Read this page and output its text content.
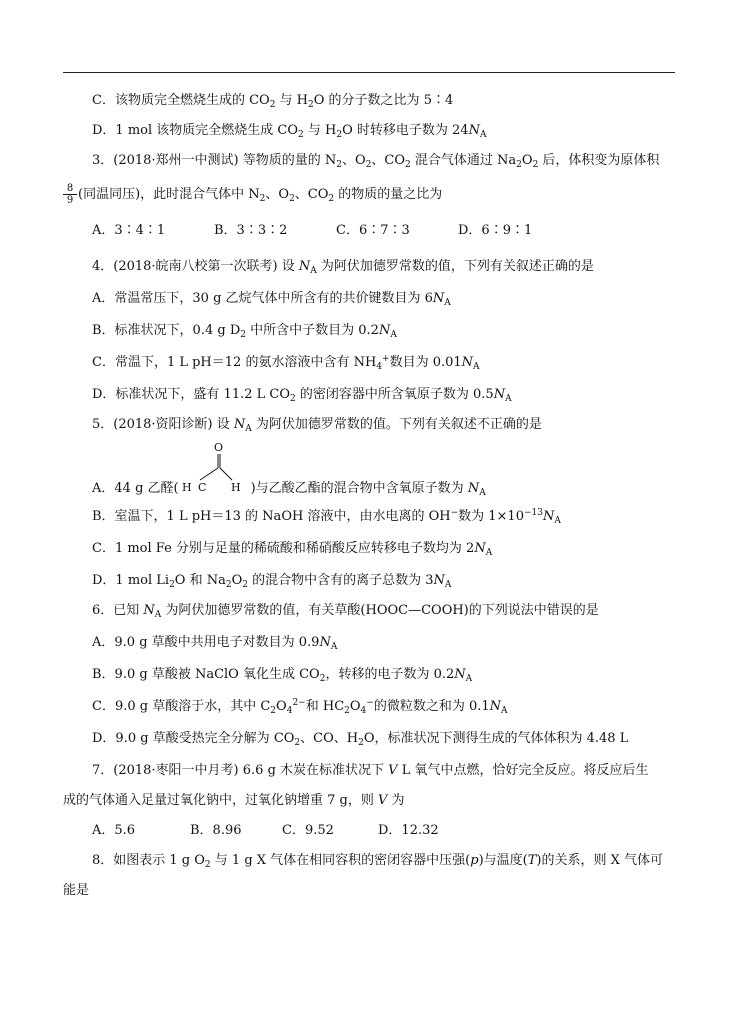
C．该物质完全燃烧生成的 $CO_2$ 与 $H_2O$ 的分子数之比为 5∶4
D．1 mol 该物质完全燃烧生成 $CO_2$ 与 $H_2O$ 时转移电子数为 $24N_A$
3．(2018·郑州一中测试) 等物质的量的 $N_2$、$O_2$、$CO_2$ 混合气体通过 $Na_2O_2$ 后，体积变为原体积
$\frac{8}{9}$ (同温同压)，此时混合气体中 $N_2$、$O_2$、$CO_2$ 的物质的量之比为
A．3∶4∶1	B．3∶3∶2	C．6∶7∶3	D．6∶9∶1
4．(2018·皖南八校第一次联考) 设 $N_A$ 为阿伏加德罗常数的值，下列有关叙述正确的是
A．常温常压下，30 g 乙烷气体中所含有的共价键数目为 $6N_A$
B．标准状况下，0.4 g $D_2$ 中所含中子数目为 $0.2N_A$
C．常温下，1 L pH＝12 的氨水溶液中含有 $NH_4^+$数目为 $0.01N_A$
D．标准状况下，盛有 11.2 L $CO_2$ 的密闭容器中所含氧原子数为 $0.5N_A$
5．(2018·资阳诊断) 设 $N_A$ 为阿伏加德罗常数的值。下列有关叙述不正确的是
O
H C H
A．44 g 乙醛(	)与乙酸乙酯的混合物中含氧原子数为 $N_A$
B．室温下，1 L pH＝13 的 NaOH 溶液中，由水电离的 OH−数为 $1\times 10^{-13}N_A$
C．1 mol Fe 分别与足量的稀硫酸和稀硝酸反应转移电子数均为 $2N_A$
D．1 mol $Li_2O$ 和 $Na_2O_2$ 的混合物中含有的离子总数为 $3N_A$
6．已知 $N_A$ 为阿伏加德罗常数的值，有关草酸(HOOC—COOH)的下列说法中错误的是
A．9.0 g 草酸中共用电子对数目为 $0.9N_A$
B．9.0 g 草酸被 NaClO 氧化生成 $CO_2$，转移的电子数为 $0.2N_A$
C．9.0 g 草酸溶于水，其中 $C_2O_4^{2-}$和 $HC_2O_4^-$的微粒数之和为 $0.1N_A$
D．9.0 g 草酸受热完全分解为 $CO_2$、CO、$H_2O$，标准状况下测得生成的气体体积为 4.48 L
7．(2018·枣阳一中月考) 6.6 g 木炭在标准状况下 V L 氧气中点燃，恰好完全反应。将反应后生
成的气体通入足量过氧化钠中，过氧化钠增重 7 g，则 V 为
A．5.6	B．8.96	C．9.52	D．12.32
8．如图表示 1 g $O_2$ 与 1 g X 气体在相同容积的密闭容器中压强(p)与温度(T)的关系，则 X 气体可
能是
